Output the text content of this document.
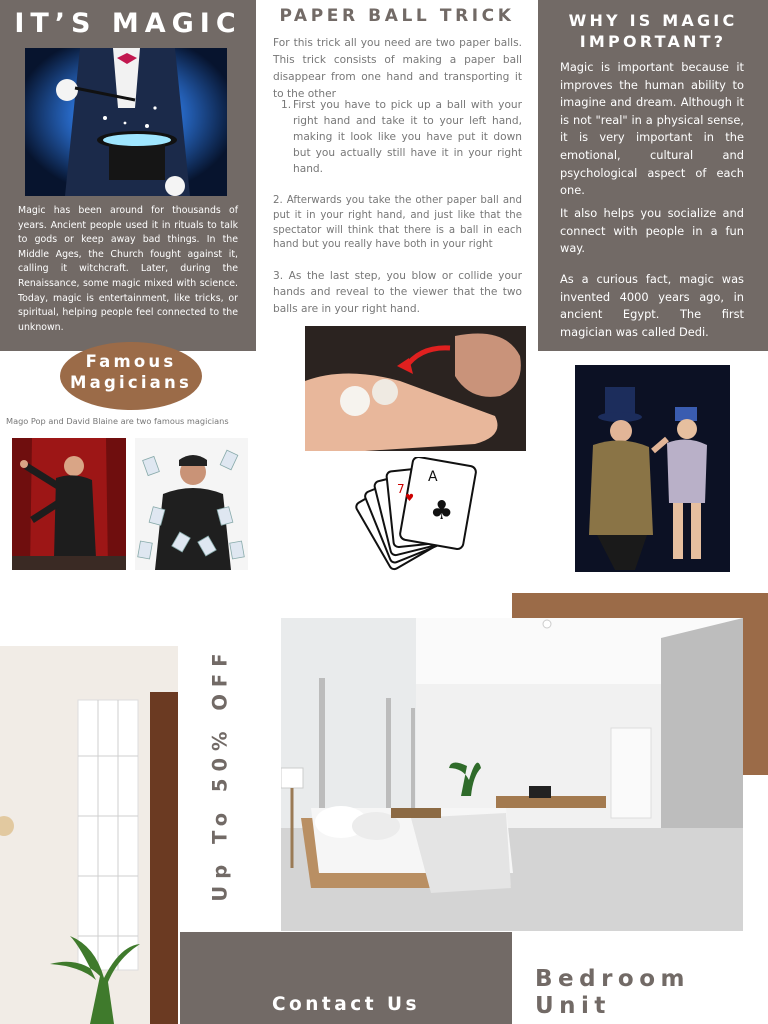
IT’S MAGIC
Magic has been around for thousands of years. Ancient people used it in rituals to talk to gods or keep away bad things. In the Middle Ages, the Church fought against it, calling it witchcraft. Later, during the Renaissance, some magic mixed with science. Today, magic is entertainment, like tricks, or spiritual, helping people feel connected to the unknown.
PAPER BALL TRICK
For this trick all you need are two paper balls. This trick consists of making a paper ball disappear from one hand and transporting it to the other
1. First you have to pick up a ball with your right hand and take it to your left hand, making it look like you have put it down but you actually still have it in your right hand.
2. Afterwards you take the other paper ball and put it in your right hand, and just like that the spectator will think that there is a ball in each hand but you really have both in your right
3. As the last step, you blow or collide your hands and reveal to the viewer that the two balls are in your right hand.
7
♥
A
♣
WHY IS MAGIC
IMPORTANT?
Magic is important because it improves the human ability to imagine and dream. Although it is not "real" in a physical sense, it is very important in the emotional, cultural and psychological aspect of each one.
It also helps you socialize and connect with people in a fun way.
As a curious fact, magic was invented 4000 years ago, in ancient Egypt. The first magician was called Dedi.
Famous
Magicians
Mago Pop and David Blaine are two famous magicians
Up To 50% OFF
Contact Us
Bedroom
Unit
